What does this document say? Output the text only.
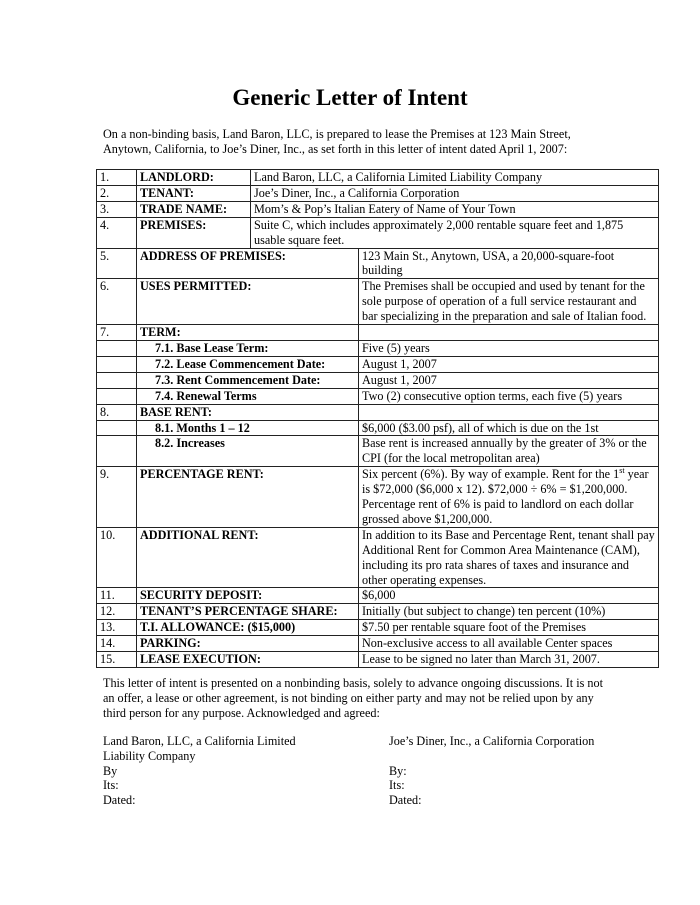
Generic Letter of Intent

On a non-binding basis, Land Baron, LLC, is prepared to lease the Premises at 123 Main Street, Anytown, California, to Joe’s Diner, Inc., as set forth in this letter of intent dated April 1, 2007:

1.	LANDLORD:	Land Baron, LLC, a California Limited Liability Company	
2.	TENANT:	Joe’s Diner, Inc., a California Corporation	
3.	TRADE NAME:	Mom’s & Pop’s Italian Eatery of Name of Your Town	
4.	PREMISES:	Suite C, which includes approximately 2,000 rentable square feet and 1,875 usable square feet.	
5.	ADDRESS OF PREMISES:		123 Main St., Anytown, USA, a 20,000-square-foot building
6.	USES PERMITTED:		The Premises shall be occupied and used by tenant for the sole purpose of operation of a full service restaurant and bar specializing in the preparation and sale of Italian food.
7.	TERM:		
	7.1. Base Lease Term:		Five (5) years
	7.2. Lease Commencement Date:		August 1, 2007
	7.3. Rent Commencement Date:		August 1, 2007
	7.4. Renewal Terms		Two (2) consecutive option terms, each five (5) years
8.	BASE RENT:		
	8.1. Months 1 – 12		$6,000 ($3.00 psf), all of which is due on the 1st
	8.2. Increases		Base rent is increased annually by the greater of 3% or the CPI (for the local metropolitan area)
9.	PERCENTAGE RENT:		Six percent (6%). By way of example. Rent for the 1st year is $72,000 ($6,000 x 12). $72,000 ÷ 6% = $1,200,000. Percentage rent of 6% is paid to landlord on each dollar grossed above $1,200,000.
10.	ADDITIONAL RENT:		In addition to its Base and Percentage Rent, tenant shall pay Additional Rent for Common Area Maintenance (CAM), including its pro rata shares of taxes and insurance and other operating expenses.
11.	SECURITY DEPOSIT:		$6,000
12.	TENANT’S PERCENTAGE SHARE:		Initially (but subject to change) ten percent (10%)
13.	T.I. ALLOWANCE: ($15,000)		$7.50 per rentable square foot of the Premises
14.	PARKING:		Non-exclusive access to all available Center spaces
15.	LEASE EXECUTION:		Lease to be signed no later than March 31, 2007.

This letter of intent is presented on a nonbinding basis, solely to advance ongoing discussions. It is not an offer, a lease or other agreement, is not binding on either party and may not be relied upon by any third person for any purpose. Acknowledged and agreed:

Land Baron, LLC, a California Limited
Liability Company
By
Its:
Dated:
Joe’s Diner, Inc., a California Corporation
By:
Its:
Dated:
